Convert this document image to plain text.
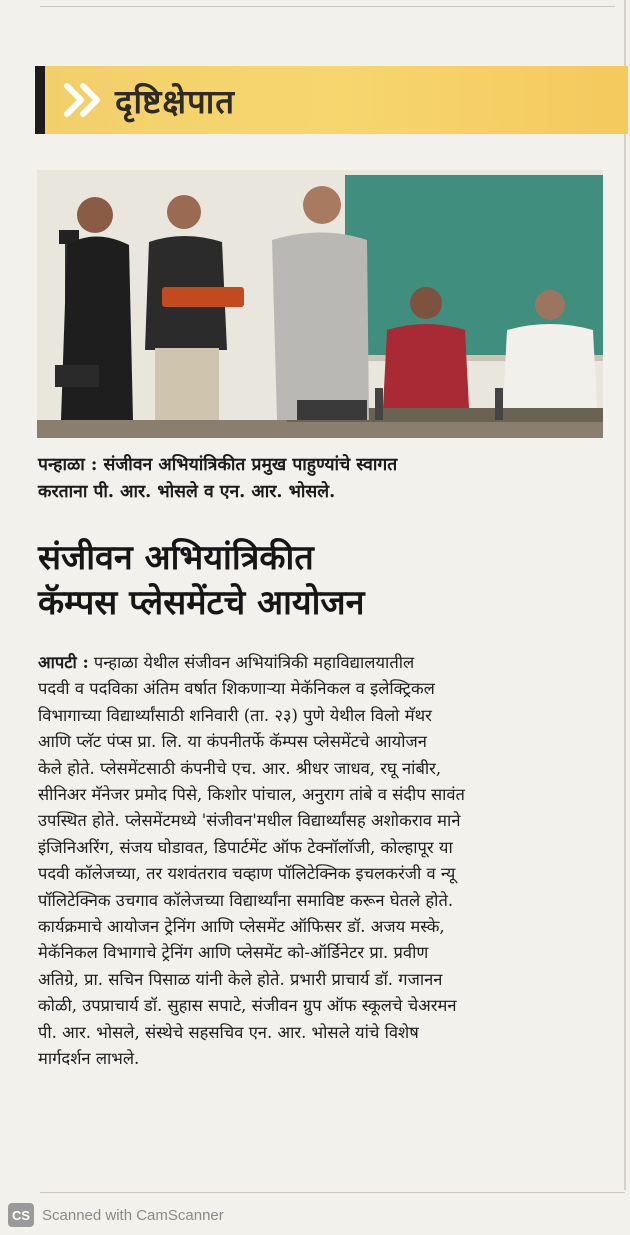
दृष्टिक्षेपात
पन्हाळा : संजीवन अभियांत्रिकीत प्रमुख पाहुण्यांचे स्वागत
करताना पी. आर. भोसले व एन. आर. भोसले.
संजीवन अभियांत्रिकीत
कॅम्पस प्लेसमेंटचे आयोजन
आपटी : पन्हाळा येथील संजीवन अभियांत्रिकी महाविद्यालयातील
पदवी व पदविका अंतिम वर्षात शिकणाऱ्या मेकॅनिकल व इलेक्ट्रिकल
विभागाच्या विद्यार्थ्यांसाठी शनिवारी (ता. २३) पुणे येथील विलो मॅथर
आणि प्लॅट पंप्स प्रा. लि. या कंपनीतर्फे कॅम्पस प्लेसमेंटचे आयोजन
केले होते. प्लेसमेंटसाठी कंपनीचे एच. आर. श्रीधर जाधव, रघू नांबीर,
सीनिअर मॅनेजर प्रमोद पिसे, किशोर पांचाल, अनुराग तांबे व संदीप सावंत
उपस्थित होते. प्लेसमेंटमध्ये 'संजीवन'मधील विद्यार्थ्यांसह अशोकराव माने
इंजिनिअरिंग, संजय घोडावत, डिपार्टमेंट ऑफ टेक्नॉलॉजी, कोल्हापूर या
पदवी कॉलेजच्या, तर यशवंतराव चव्हाण पॉलिटेक्निक इचलकरंजी व न्यू
पॉलिटेक्निक उचगाव कॉलेजच्या विद्यार्थ्यांना समाविष्ट करून घेतले होते.
कार्यक्रमाचे आयोजन ट्रेनिंग आणि प्लेसमेंट ऑफिसर डॉ. अजय मस्के,
मेकॅनिकल विभागाचे ट्रेनिंग आणि प्लेसमेंट को-ऑर्डिनेटर प्रा. प्रवीण
अतिग्रे, प्रा. सचिन पिसाळ यांनी केले होते. प्रभारी प्राचार्य डॉ. गजानन
कोळी, उपप्राचार्य डॉ. सुहास सपाटे, संजीवन ग्रुप ऑफ स्कूलचे चेअरमन
पी. आर. भोसले, संस्थेचे सहसचिव एन. आर. भोसले यांचे विशेष
मार्गदर्शन लाभले.
CS Scanned with CamScanner
